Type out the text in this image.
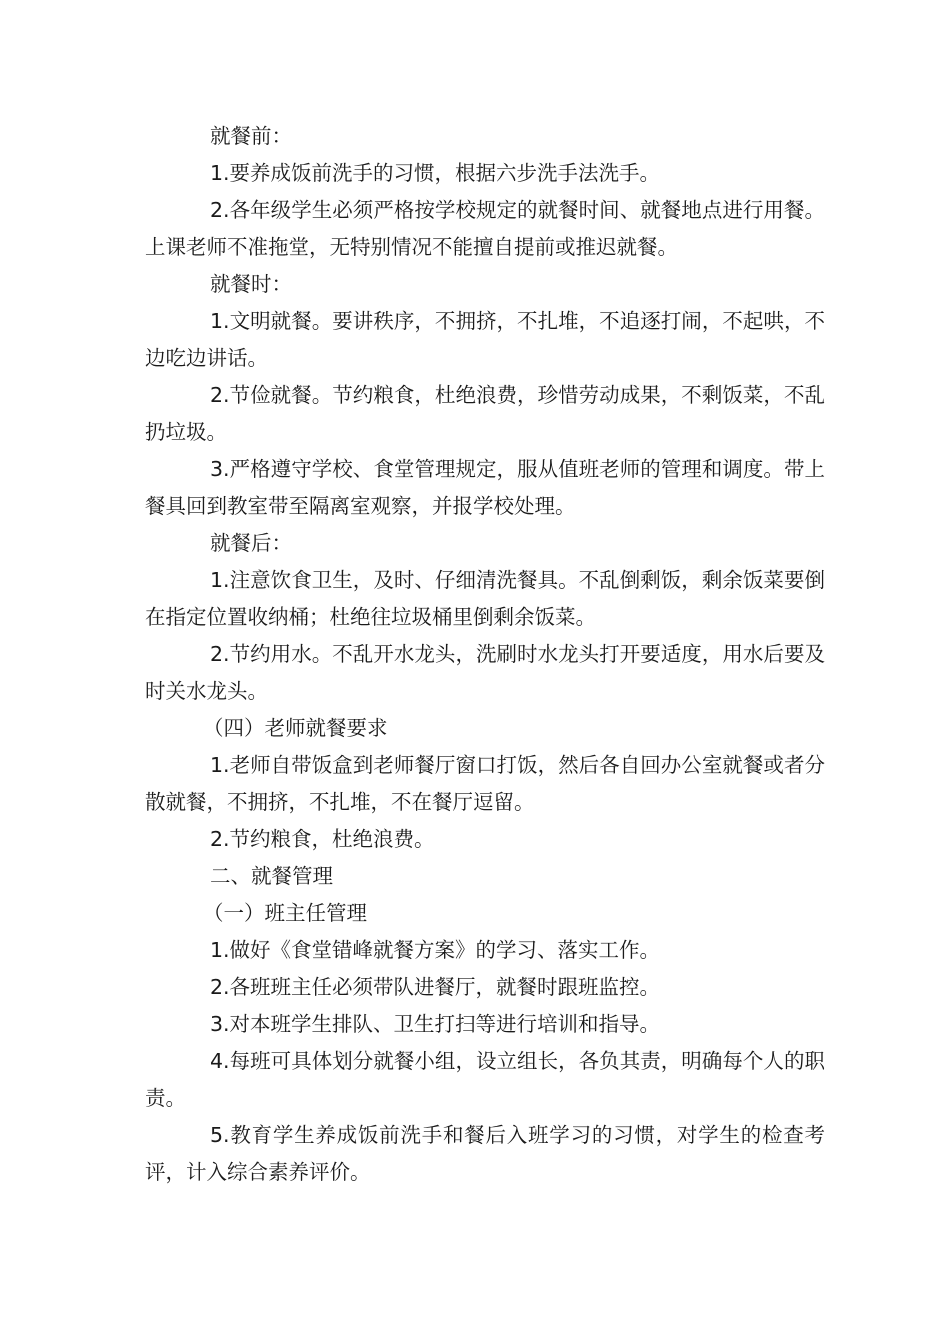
就餐前：

1.要养成饭前洗手的习惯，根据六步洗手法洗手。

2.各年级学生必须严格按学校规定的就餐时间、就餐地点进行用餐。上课老师不准拖堂，无特别情况不能擅自提前或推迟就餐。

就餐时：

1.文明就餐。要讲秩序，不拥挤，不扎堆，不追逐打闹，不起哄，不边吃边讲话。

2.节俭就餐。节约粮食，杜绝浪费，珍惜劳动成果，不剩饭菜，不乱扔垃圾。

3.严格遵守学校、食堂管理规定，服从值班老师的管理和调度。带上餐具回到教室带至隔离室观察，并报学校处理。

就餐后：

1.注意饮食卫生，及时、仔细清洗餐具。不乱倒剩饭，剩余饭菜要倒在指定位置收纳桶；杜绝往垃圾桶里倒剩余饭菜。

2.节约用水。不乱开水龙头，洗刷时水龙头打开要适度，用水后要及时关水龙头。

（四）老师就餐要求

1.老师自带饭盒到老师餐厅窗口打饭，然后各自回办公室就餐或者分散就餐，不拥挤，不扎堆，不在餐厅逗留。

2.节约粮食，杜绝浪费。

二、就餐管理

（一）班主任管理

1.做好《食堂错峰就餐方案》的学习、落实工作。

2.各班班主任必须带队进餐厅，就餐时跟班监控。

3.对本班学生排队、卫生打扫等进行培训和指导。

4.每班可具体划分就餐小组，设立组长，各负其责，明确每个人的职责。

5.教育学生养成饭前洗手和餐后入班学习的习惯，对学生的检查考评，计入综合素养评价。
